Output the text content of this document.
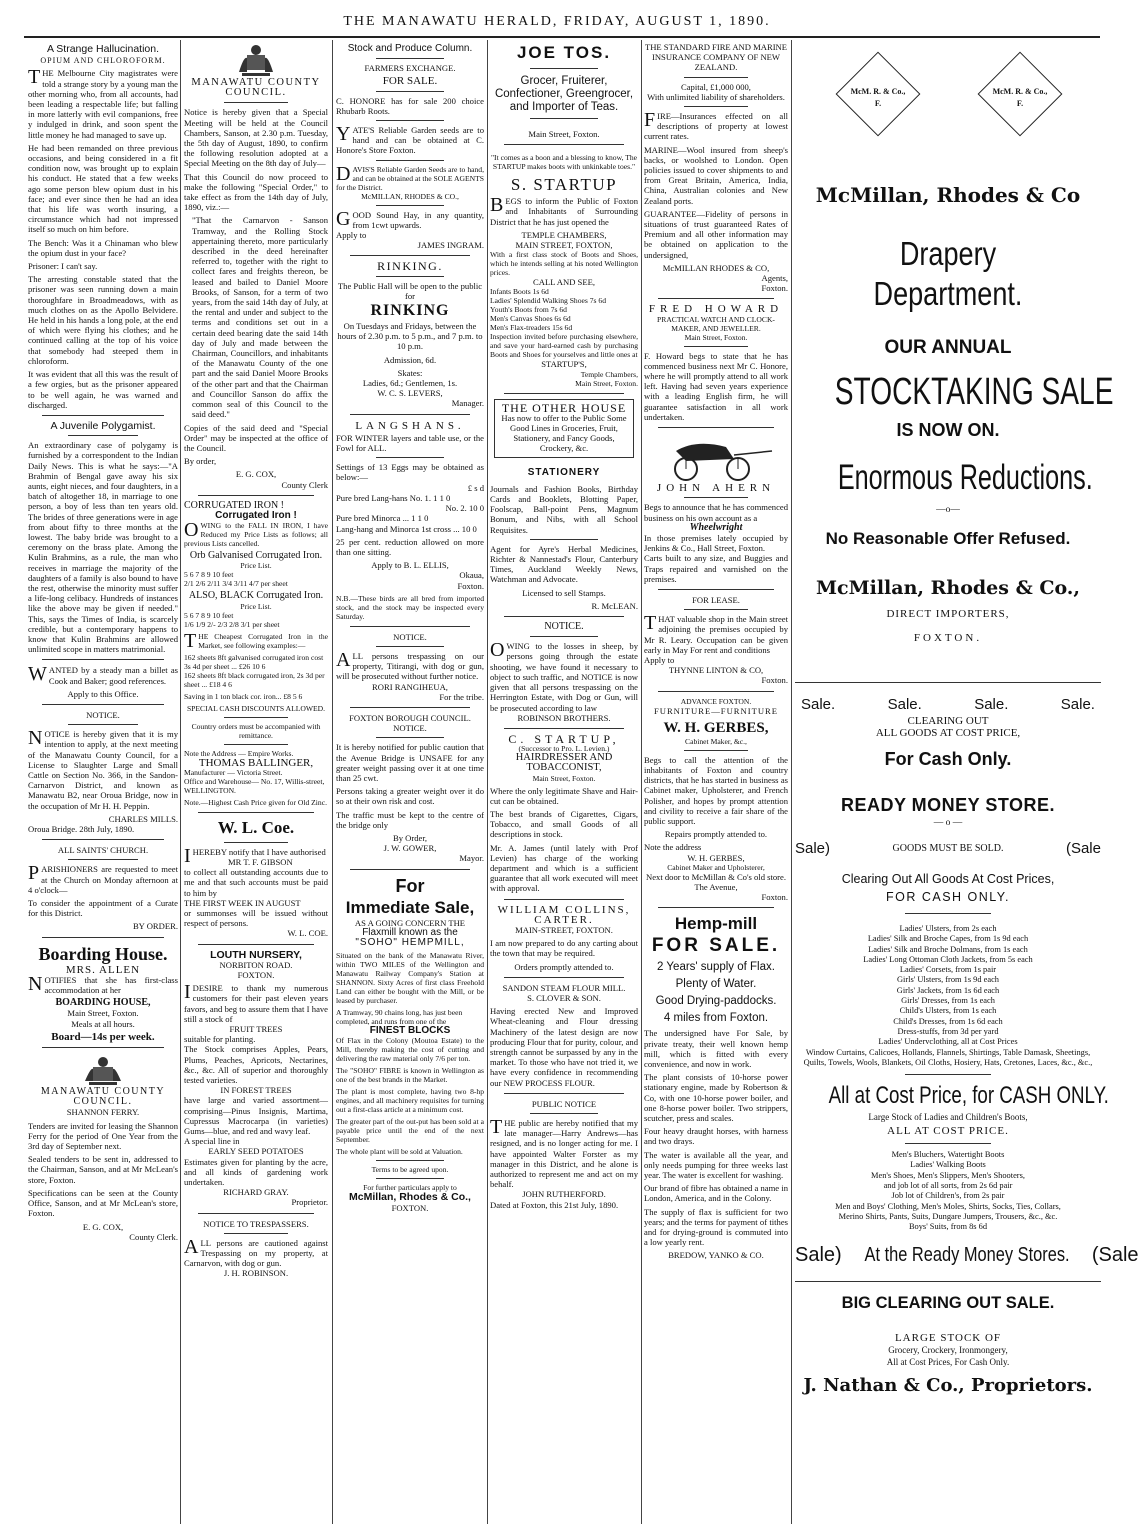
THE MANAWATU HERALD, FRIDAY, AUGUST 1, 1890.
A Strange Hallucination.
OPIUM AND CHLOROFORM.

THE Melbourne City magistrates were told a strange story by a young man the other morning who, from all accounts, had been leading a respectable life; but falling in more latterly with evil companions, free y indulged in drink, and soon spent the little money he had managed to save up.

He had been remanded on three previous occasions, and being considered in a fit condition now, was brought up to explain his conduct. He stated that a few weeks ago some person blew opium dust in his face; and ever since then he had an idea that his life was worth insuring, a circumstance which had not impressed itself so much on him before.

The Bench: Was it a Chinaman who blew the opium dust in your face?

Prisoner: I can't say.

The arresting constable stated that the prisoner was seen running down a main thoroughfare in Broadmeadows, with as much clothes on as the Apollo Belvidere. He held in his hands a long pole, at the end of which were flying his clothes; and he continued calling at the top of his voice that somebody had steeped them in chloroform.

It was evident that all this was the result of a few orgies, but as the prisoner appeared to be well again, he was warned and discharged.

A Juvenile Polygamist.

An extraordinary case of polygamy is furnished by a correspondent to the Indian Daily News. This is what he says:—"A Brahmin of Bengal gave away his six aunts, eight nieces, and four daughters, in a batch of altogether 18, in marriage to one person, a boy of less than ten years old. The brides of three generations were in age from about fifty to three months at the lowest. The baby bride was brought to a ceremony on the brass plate. Among the Kulin Brahmins, as a rule, the man who receives in marriage the majority of the daughters of a family is also bound to have the rest, otherwise the minority must suffer a life-long celibacy. Hundreds of instances like the above may be given if needed." This, says the Times of India, is scarcely credible, but a contemporary happens to know that Kulin Brahmins are allowed unlimited scope in matters matrimonial.

WANTED by a steady man a billet as Cook and Baker; good references.

Apply to this Office.

NOTICE.

NOTICE is hereby given that it is my intention to apply, at the next meeting of the Manawatu County Council, for a License to Slaughter Large and Small Cattle on Section No. 366, in the Sandon-Carnarvon District, and known as Manawatu B2, near Oroua Bridge, now in the occupation of Mr H. H. Peppin.

CHARLES MILLS.

Oroua Bridge. 28th July, 1890.

ALL SAINTS' CHURCH.

PARISHIONERS are requested to meet at the Church on Monday afternoon at 4 o'clock—

To consider the appointment of a Curate for this District.

BY ORDER.

Boarding House.
MRS. ALLEN

NOTIFIES that she has first-class accommodation at her

BOARDING HOUSE,
Main Street, Foxton.
Meals at all hours.
Board—14s per week.
MANAWATU COUNTY COUNCIL.
SHANNON FERRY.

Tenders are invited for leasing the Shannon Ferry for the period of One Year from the 3rd day of September next.

Sealed tenders to be sent in, addressed to the Chairman, Sanson, and at Mr McLean's store, Foxton.

Specifications can be seen at the County Office, Sanson, and at Mr McLean's store, Foxton.

E. G. COX,

County Clerk.

MANAWATU COUNTY COUNCIL.

Notice is hereby given that a Special Meeting will be held at the Council Chambers, Sanson, at 2.30 p.m. Tuesday, the 5th day of August, 1890, to confirm the following resolution adopted at a Special Meeting on the 8th day of July—

That this Council do now proceed to make the following "Special Order," to take effect as from the 14th day of July, 1890, viz.:—

"That the Carnarvon - Sanson Tramway, and the Rolling Stock appertaining thereto, more particularly described in the deed hereinafter referred to, together with the right to collect fares and freights thereon, be leased and bailed to Daniel Moore Brooks, of Sanson, for a term of two years, from the said 14th day of July, at the rental and under and subject to the terms and conditions set out in a certain deed bearing date the said 14th day of July and made between the Chairman, Councillors, and inhabitants of the Manawatu County of the one part and the said Daniel Moore Brooks of the other part and that the Chairman and Councillor Sanson do affix the common seal of this Council to the said deed."

Copies of the said deed and "Special Order" may be inspected at the office of the Council.

By order,

E. G. COX,

County Clerk

CORRUGATED IRON !
Corrugated Iron !

OWING to the FALL IN IRON, I have Reduced my Price Lists as follows; all previous Lists cancelled.

Orb Galvanised Corrugated Iron.
Price List.
5 6 7 8 9 10 feet
2/1 2/6 2/11 3/4 3/11 4/7 per sheet
ALSO, BLACK Corrugated Iron.
Price List.
5 6 7 8 9 10 feet
1/6 1/9 2/- 2/3 2/8 3/1 per sheet

THE Cheapest Corrugated Iron in the Market, see following examples:—

162 sheets 8ft galvanised corrugated iron cost 3s 4d per sheet ... £26 10 6

162 sheets 8ft black corrugated iron, 2s 3d per sheet ... £18 4 6

Saving in 1 ton black cor. iron... £8 5 6

SPECIAL CASH DISCOUNTS ALLOWED.

Country orders must be accompanied with remittance.

Note the Address — Empire Works.

THOMAS BALLINGER,

Manufacturer — Victoria Street.

Office and Warehouse— No. 17, Willis-street, WELLINGTON.

Note.—Highest Cash Price given for Old Zinc.

W. L. Coe.

IHEREBY notify that I have authorised

MR T. F. GIBSON

to collect all outstanding accounts due to me and that such accounts must be paid to him by

THE FIRST WEEK IN AUGUST

or summonses will be issued without respect of persons.

W. L. COE.

LOUTH NURSERY,
NORBITON ROAD.
FOXTON.

IDESIRE to thank my numerous customers for their past eleven years favors, and beg to assure them that I have still a stock of

FRUIT TREES

suitable for planting.

The Stock comprises Apples, Pears, Plums, Peaches, Apricots, Nectarines, &c., &c. All of superior and thoroughly tested varieties.

IN FOREST TREES

have large and varied assortment—comprising—Pinus Insignis, Martima, Cupressus Macrocarpa (in varieties) Gums—blue, and red and wavy leaf.

A special line in

EARLY SEED POTATOES

Estimates given for planting by the acre, and all kinds of gardening work undertaken.

RICHARD GRAY.

Proprietor.

NOTICE TO TRESPASSERS.

ALL persons are cautioned against Trespassing on my property, at Carnarvon, with dog or gun.

J. H. ROBINSON.

Stock and Produce Column.
FARMERS EXCHANGE.
FOR SALE.

C. HONORE has for sale 200 choice Rhubarb Roots.

YATE'S Reliable Garden seeds are to hand and can be obtained at C. Honore's Store Foxton.

DAVIS'S Reliable Garden Seeds are to hand, and can be obtained at the SOLE AGENTS for the District.

McMILLAN, RHODES & CO.,

GOOD Sound Hay, in any quantity, from 1cwt upwards.

Apply to

JAMES INGRAM.

RINKING.

The Public Hall will be open to the public for

RINKING

On Tuesdays and Fridays, between the hours of 2.30 p.m. to 5 p.m., and 7 p.m. to 10 p.m.

Admission, 6d.

Skates:

Ladies, 6d.; Gentlemen, 1s.

W. C. S. LEVERS,

Manager.

LANGSHANS.

FOR WINTER layers and table use, or the Fowl for ALL.

Settings of 13 Eggs may be obtained as below:—

£ s d

Pure bred Lang-hans No. 1. 1 1 0

No. 2. 10 0

Pure bred Minorca ... 1 1 0

Lang-hang and Minorca 1st cross ... 10 0

25 per cent. reduction allowed on more than one sitting.

Apply to B. L. ELLIS,

Okaua,

Foxton.

N.B.—These birds are all bred from imported stock, and the stock may be inspected every Saturday.

NOTICE.

ALL persons trespassing on our property, Titirangi, with dog or gun, will be prosecuted without further notice.

RORI RANGIHEUA,

For the tribe.

FOXTON BOROUGH COUNCIL.
NOTICE.

It is hereby notified for public caution that the Avenue Bridge is UNSAFE for any greater weight passing over it at one time than 25 cwt.

Persons taking a greater weight over it do so at their own risk and cost.

The traffic must be kept to the centre of the bridge only

By Order,

J. W. GOWER,

Mayor.

For
Immediate Sale,

AS A GOING CONCERN THE

Flaxmill known as the

"SOHO" HEMPMILL,

Situated on the bank of the Manawatu River, within TWO MILES of the Wellington and Manawatu Railway Company's Station at SHANNON. Sixty Acres of first class Freehold Land can either be bought with the Mill, or be leased by purchaser.

A Tramway, 90 chains long, has just been completed, and runs from one of the

FINEST BLOCKS

Of Flax in the Colony (Moutoa Estate) to the Mill, thereby making the cost of cutting and delivering the raw material only 7/6 per ton.

The "SOHO" FIBRE is known in Wellington as one of the best brands in the Market.

The plant is most complete, having two 8-hp engines, and all machinery requisites for turning out a first-class article at a minimum cost.

The greater part of the out-put has been sold at a payable price until the end of the next September.

The whole plant will be sold at Valuation.

Terms to be agreed upon.

For further particulars apply to

McMillan, Rhodes & Co.,

FOXTON.

JOE TOS.

Grocer, Fruiterer, Confectioner, Greengrocer, and Importer of Teas.

Main Street, Foxton.

"It comes as a boon and a blessing to know, The STARTUP makes boots with unkinkable toes."

S. STARTUP

BEGS to inform the Public of Foxton and Inhabitants of Surrounding District that he has just opened the

TEMPLE CHAMBERS,

MAIN STREET, FOXTON,

With a first class stock of Boots and Shoes, which he intends selling at his noted Wellington prices.

CALL AND SEE,

Infants Boots 1s 6d
Ladies' Splendid Walking Shoes 7s 6d
Youth's Boots from 7s 6d
Men's Canvas Shoes 6s 6d
Men's Flax-treaders 15s 6d

Inspection invited before purchasing elsewhere, and save your hard-earned cash by purchasing Boots and Shoes for yourselves and little ones at

STARTUP'S,

Temple Chambers,

Main Street, Foxton.

THE OTHER HOUSE

Has now to offer to the Public Some Good Lines in Groceries, Fruit, Stationery, and Fancy Goods, Crockery, &c.

STATIONERY

Journals and Fashion Books, Birthday Cards and Booklets, Blotting Paper, Foolscap, Ball-point Pens, Magnum Bonum, and Nibs, with all School Requisites.

Agent for Ayre's Herbal Medicines, Richter & Nannestad's Flour, Canterbury Times, Auckland Weekly News, Watchman and Advocate.

Licensed to sell Stamps.

R. McLEAN.

NOTICE.

OWING to the losses in sheep, by persons going through the estate shooting, we have found it necessary to object to such traffic, and NOTICE is now given that all persons trespassing on the Herrington Estate, with Dog or Gun, will be prosecuted according to law

ROBINSON BROTHERS.

C. STARTUP,

(Successor to Pro. L. Levien.)

HAIRDRESSER AND TOBACCONIST,

Main Street, Foxton.

Where the only legitimate Shave and Hair-cut can be obtained.

The best brands of Cigarettes, Cigars, Tobacco, and small Goods of all descriptions in stock.

Mr. A. James (until lately with Prof Levien) has charge of the working department and which is a sufficient guarantee that all work executed will meet with approval.

WILLIAM COLLINS,
CARTER.

MAIN-STREET, FOXTON.

I am now prepared to do any carting about the town that may be required.

Orders promptly attended to.

SANDON STEAM FLOUR MILL.
S. CLOVER & SON.

Having erected New and Improved Wheat-cleaning and Flour dressing Machinery of the latest design are now producing Flour that for purity, colour, and strength cannot be surpassed by any in the market. To those who have not tried it, we have every confidence in recommending our NEW PROCESS FLOUR.

PUBLIC NOTICE

THE public are hereby notified that my late manager—Harry Andrews—has resigned, and is no longer acting for me. I have appointed Walter Forster as my manager in this District, and he alone is authorized to represent me and act on my behalf.

JOHN RUTHERFORD.

Dated at Foxton, this 21st July, 1890.

THE STANDARD FIRE AND MARINE INSURANCE COMPANY OF NEW ZEALAND.

Capital, £1,000 000,

With unlimited liability of shareholders.

FIRE—Insurances effected on all descriptions of property at lowest current rates.

MARINE—Wool insured from sheep's backs, or woolshed to London. Open policies issued to cover shipments to and from Great Britain, America, India, China, Australian colonies and New Zealand ports.

GUARANTEE—Fidelity of persons in situations of trust guaranteed Rates of Premium and all other information may be obtained on application to the undersigned,

McMILLAN RHODES & CO,

Agents,

Foxton.

FRED HOWARD

PRACTICAL WATCH AND CLOCK-MAKER, AND JEWELLER.

Main Street, Foxton.

F. Howard begs to state that he has commenced business next Mr C. Honore, where he will promptly attend to all work left. Having had seven years experience with a leading English firm, he will guarantee satisfaction in all work undertaken.

JOHN AHERN

Begs to announce that he has commenced business on his own account as a

Wheelwright

In those premises lately occupied by Jenkins & Co., Hall Street, Foxton.

Carts built to any size, and Buggies and Traps repaired and varnished on the premises.

FOR LEASE.

THAT valuable shop in the Main street adjoining the premises occupied by Mr R. Leary. Occupation can be given early in May For rent and conditions

Apply to

THYNNE LINTON & CO,

Foxton.

ADVANCE FOXTON.

FURNITURE—FURNITURE

W. H. GERBES,

Cabinet Maker, &c.,

Begs to call the attention of the inhabitants of Foxton and country districts, that he has started in business as Cabinet maker, Upholsterer, and French Polisher, and hopes by prompt attention and civility to receive a fair share of the public support.

Repairs promptly attended to.

Note the address

W. H. GERBES,

Cabinet Maker and Upholsterer,

Next door to McMillan & Co's old store.

The Avenue,

Foxton.

Hemp-mill
FOR SALE.

2 Years' supply of Flax.

Plenty of Water.

Good Drying-paddocks.

4 miles from Foxton.

The undersigned have For Sale, by private treaty, their well known hemp mill, which is fitted with every convenience, and now in work.

The plant consists of 10-horse power stationary engine, made by Robertson & Co, with one 10-horse power boiler, and one 8-horse power boiler. Two strippers, scutcher, press and scales.

Four heavy draught horses, with harness and two drays.

The water is available all the year, and only needs pumping for three weeks last year. The water is excellent for washing.

Our brand of fibre has obtained a name in London, America, and in the Colony.

The supply of flax is sufficient for two years; and the terms for payment of tithes and for drying-ground is commuted into a low yearly rent.

BREDOW, YANKO & CO.

McM. R. & Co.,
F.
McM. R. & Co.,
F.
McMillan, Rhodes & Co
Drapery Department.
OUR ANNUAL
STOCKTAKING SALE
IS NOW ON.
Enormous Reductions.
—o—
No Reasonable Offer Refused.
McMillan, Rhodes & Co.,
DIRECT IMPORTERS,
FOXTON.
Sale.	Sale.	Sale.	Sale.
CLEARING OUT
ALL GOODS AT COST PRICE,
For Cash Only.
READY MONEY STORE.
— o —
Sale)	GOODS MUST BE SOLD.	(Sale
Clearing Out All Goods At Cost Prices,
FOR CASH ONLY.
Ladies' Ulsters, from 2s each
Ladies' Silk and Broche Capes, from 1s 9d each
Ladies' Silk and Broche Dolmans, from 1s each
Ladies' Long Ottoman Cloth Jackets, from 5s each
Ladies' Corsets, from 1s pair
Girls' Ulsters, from 1s 9d each
Girls' Jackets, from 1s 6d each
Girls' Dresses, from 1s each
Child's Ulsters, from 1s each
Child's Dresses, from 1s 6d each
Dress-stuffs, from 3d per yard
Ladies' Undervclothing, all at Cost Prices
Window Curtains, Calicoes, Hollands, Flannels, Shirtings, Table Damask, Sheetings, Quilts, Towels, Wools, Blankets, Oil Cloths, Hosiery, Hats, Cretones, Laces, &c., &c.,
All at Cost Price, for CASH ONLY.
Large Stock of Ladies and Children's Boots,
ALL AT COST PRICE.
Men's Bluchers, Watertight Boots
Ladies' Walking Boots
Men's Shoes, Men's Slippers, Men's Shooters,
and job lot of all sorts, from 2s 6d pair
Job lot of Children's, from 2s pair
Men and Boys' Clothing, Men's Moles, Shirts, Socks, Ties, Collars,
Merino Shirts, Pants, Suits, Dungare Jumpers, Trousers, &c., &c.
Boys' Suits, from 8s 6d
Sale) At the Ready Money Stores. (Sale
BIG CLEARING OUT SALE.
LARGE STOCK OF
Grocery, Crockery, Ironmongery,
All at Cost Prices, For Cash Only.
J. Nathan & Co., Proprietors.
